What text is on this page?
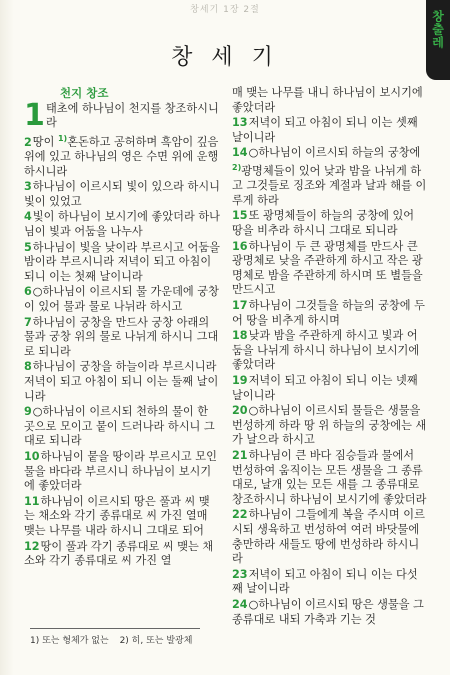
창세기 1장 2절	창출레
창 세 기
천지 창조
1 태초에 하나님이 천지를 창조하시니라
2땅이 $^{1)}$혼돈하고 공허하며 흑암이 깊음 위에 있고 하나님의 영은 수면 위에 운행하시니라
3하나님이 이르시되 빛이 있으라 하시니 빛이 있었고
4빛이 하나님이 보시기에 좋았더라 하나님이 빛과 어둠을 나누사
5하나님이 빛을 낮이라 부르시고 어둠을 밤이라 부르시니라 저녁이 되고 아침이 되니 이는 첫째 날이니라
6○하나님이 이르시되 물 가운데에 궁창이 있어 물과 물로 나뉘라 하시고
7하나님이 궁창을 만드사 궁창 아래의 물과 궁창 위의 물로 나뉘게 하시니 그대로 되니라
8하나님이 궁창을 하늘이라 부르시니라 저녁이 되고 아침이 되니 이는 둘째 날이니라
9○하나님이 이르시되 천하의 물이 한 곳으로 모이고 뭍이 드러나라 하시니 그대로 되니라
10하나님이 뭍을 땅이라 부르시고 모인 물을 바다라 부르시니 하나님이 보시기에 좋았더라
11하나님이 이르시되 땅은 풀과 씨 맺는 채소와 각기 종류대로 씨 가진 열매 맺는 나무를 내라 하시니 그대로 되어
12땅이 풀과 각기 종류대로 씨 맺는 채소와 각기 종류대로 씨 가진 열
매 맺는 나무를 내니 하나님이 보시기에 좋았더라
13저녁이 되고 아침이 되니 이는 셋째 날이니라
14○하나님이 이르시되 하늘의 궁창에 $^{2)}$광명체들이 있어 낮과 밤을 나뉘게 하고 그것들로 징조와 계절과 날과 해를 이루게 하라
15또 광명체들이 하늘의 궁창에 있어 땅을 비추라 하시니 그대로 되니라
16하나님이 두 큰 광명체를 만드사 큰 광명체로 낮을 주관하게 하시고 작은 광명체로 밤을 주관하게 하시며 또 별들을 만드시고
17하나님이 그것들을 하늘의 궁창에 두어 땅을 비추게 하시며
18낮과 밤을 주관하게 하시고 빛과 어둠을 나뉘게 하시니 하나님이 보시기에 좋았더라
19저녁이 되고 아침이 되니 이는 넷째 날이니라
20○하나님이 이르시되 물들은 생물을 번성하게 하라 땅 위 하늘의 궁창에는 새가 날으라 하시고
21하나님이 큰 바다 짐승들과 물에서 번성하여 움직이는 모든 생물을 그 종류대로, 날개 있는 모든 새를 그 종류대로 창조하시니 하나님이 보시기에 좋았더라
22하나님이 그들에게 복을 주시며 이르시되 생육하고 번성하여 여러 바닷물에 충만하라 새들도 땅에 번성하라 하시니라
23저녁이 되고 아침이 되니 이는 다섯째 날이니라
24○하나님이 이르시되 땅은 생물을 그 종류대로 내되 가축과 기는 것
1) 또는 형체가 없는 2) 히, 또는 발광체
